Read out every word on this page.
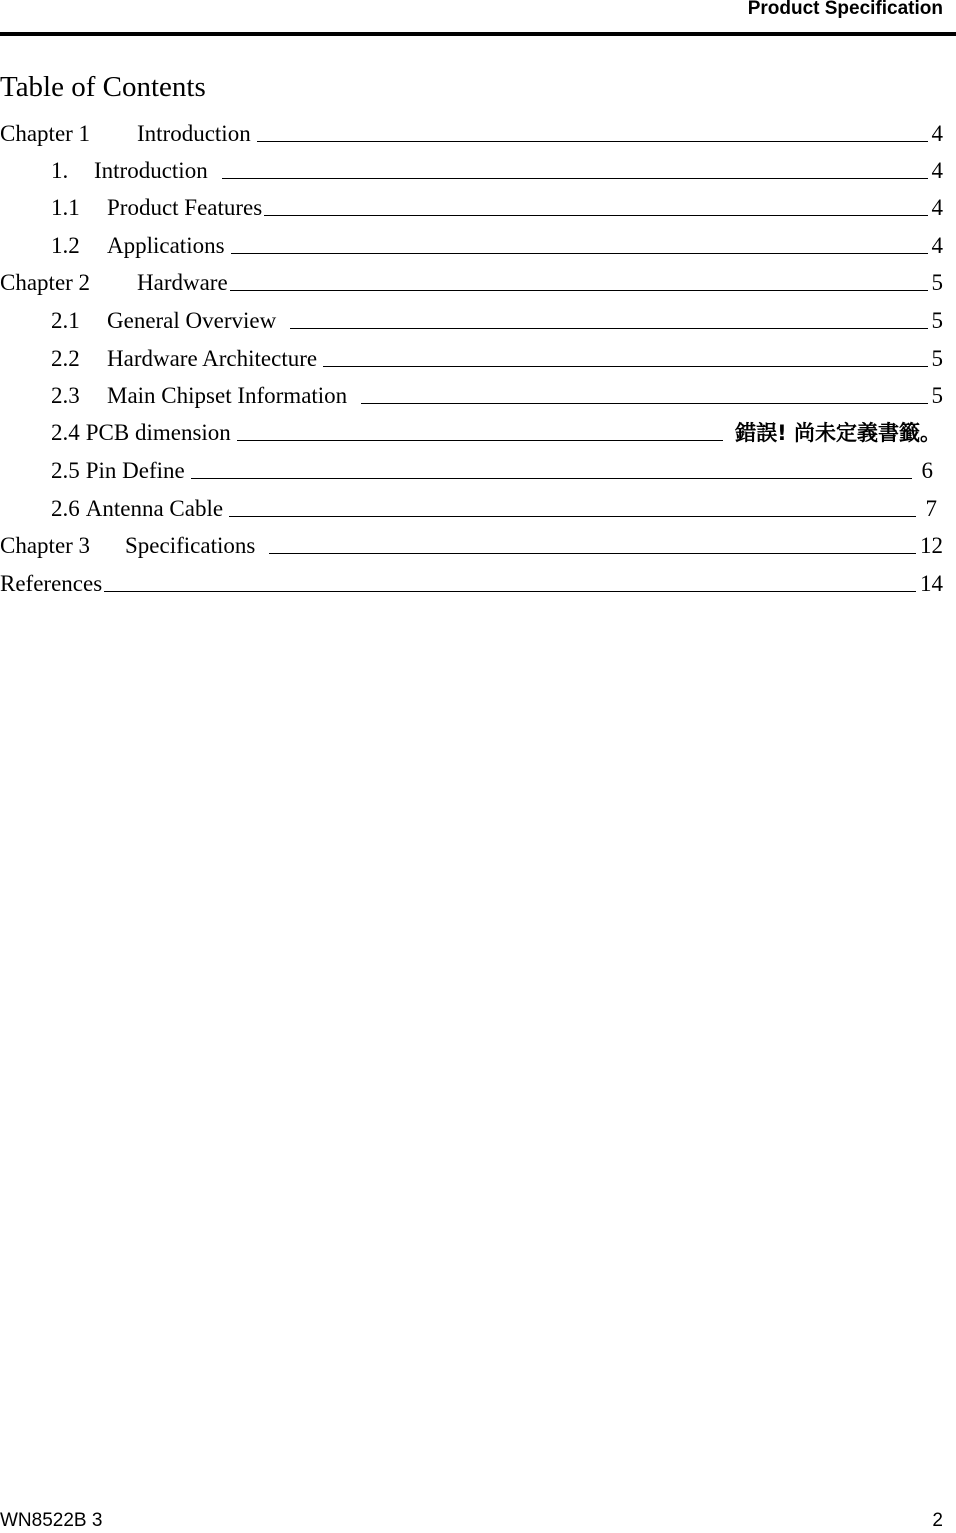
Product Specification
Table of Contents
Chapter 1	Introduction	4
1.	Introduction	4
1.1	Product Features	4
1.2	Applications	4
Chapter 2	Hardware	5
2.1	General Overview	5
2.2	Hardware Architecture	5
2.3	Main Chipset Information	5
2.4 PCB dimension	錯誤! 尚未定義書籤。
2.5 Pin Define	6
2.6 Antenna Cable	7
Chapter 3	Specifications	12
References	14
WN8522B 3	2
